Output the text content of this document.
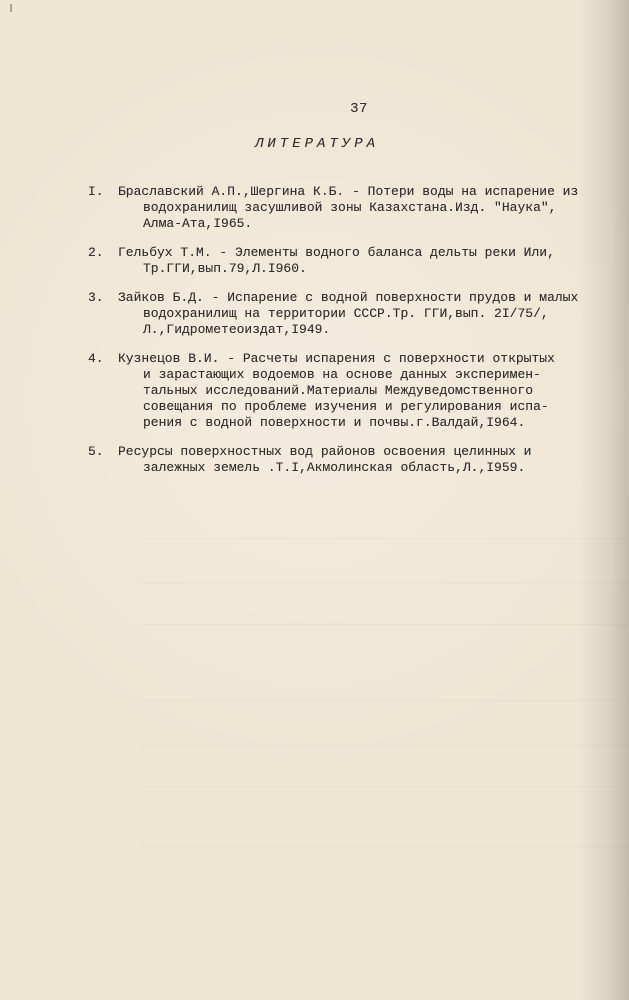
37
ЛИТЕРАТУРА
I.	Браславский А.П.,Шергина К.Б. - Потери воды на испарение из
водохранилищ засушливой зоны Казахстана.Изд. "Наука",
Алма-Ата,I965.
2.	Гельбух Т.М. - Элементы водного баланса дельты реки Или,
Тр.ГГИ,вып.79,Л.I960.
3.	Зайков Б.Д. - Испарение с водной поверхности прудов и малых
водохранилищ на территории СССР.Тр. ГГИ,вып. 2I/75/,
Л.,Гидрометеоиздат,I949.
4.	Кузнецов В.И. - Расчеты испарения с поверхности открытых
и зарастающих водоемов на основе данных эксперимен-
тальных исследований.Материалы Междуведомственного
совещания по проблеме изучения и регулирования испа-
рения с водной поверхности и почвы.г.Валдай,I964.
5.	Ресурсы поверхностных вод районов освоения целинных и
залежных земель .Т.I,Акмолинская область,Л.,I959.
